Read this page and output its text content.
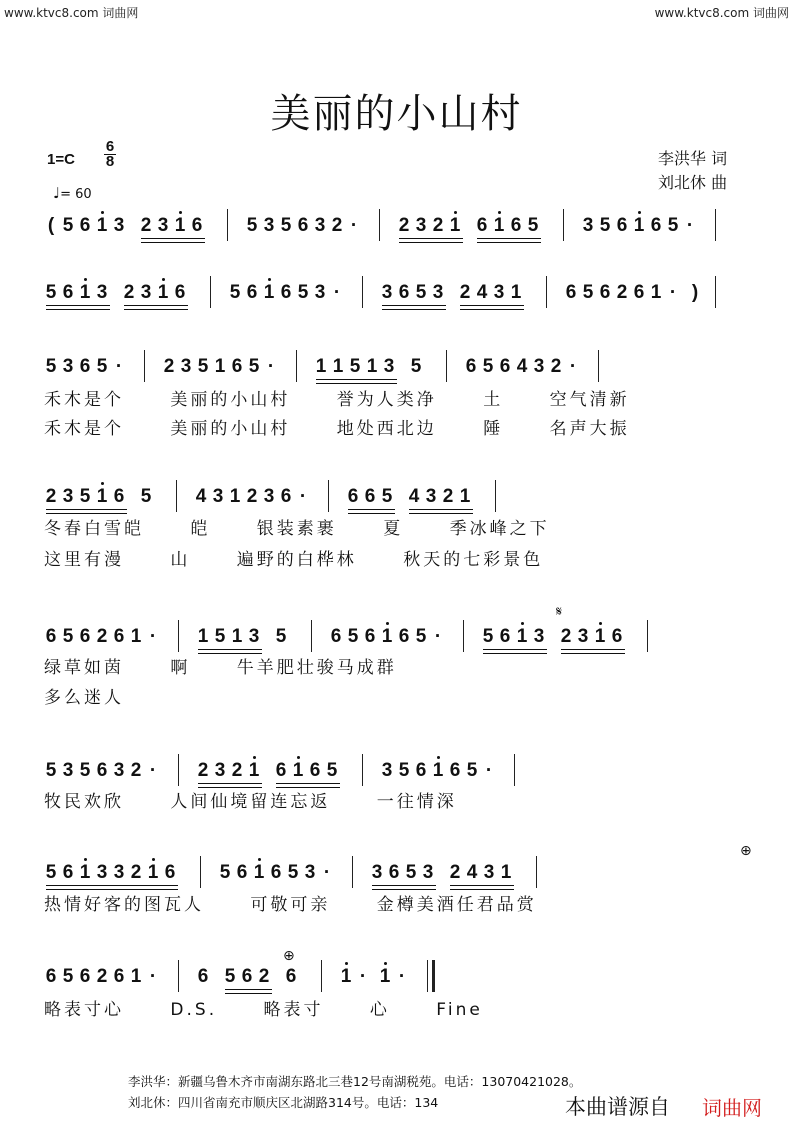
www.ktvc8.com 词曲网	www.ktvc8.com 词曲网
美丽的小山村
1=C
6
8
♩= 60
李洪华 词
刘北休 曲
( 5 6 1 3 2 3 1 6 5 3 5 6 3 2 · 2 3 2 1 6 1 6 5 3 5 6 1 6 5 ·
5 6 1 3 2 3 1 6 5 6 1 6 5 3 · 3 6 5 3 2 4 3 1 6 5 6 2 6 1 · )
5 3 6 5 · 2 3 5 1 6 5 · 1 1 5 1 3 5 6 5 6 4 3 2 ·
禾木是个 美丽的小山村 誉为人类净 土 空气清新
禾木是个 美丽的小山村 地处西北边 陲 名声大振
2 3 5 1 6 5 4 3 1 2 3 6 · 6 6 5 4 3 2 1
冬春白雪皑 皑 银装素裹 夏 季冰峰之下
这里有漫 山 遍野的白桦林 秋天的七彩景色
6 5 6 2 6 1 · 1 5 1 3 5 6 5 6 1 6 5 · 5 6 1 3 2 3 1 6
绿草如茵 啊 牛羊肥壮骏马成群
多么迷人
5 3 5 6 3 2 · 2 3 2 1 6 1 6 5 3 5 6 1 6 5 ·
牧民欢欣 人间仙境留连忘返 一往情深
5 6 1 3 3 2 1 6 5 6 1 6 5 3 · 3 6 5 3 2 4 3 1
热情好客的图瓦人 可敬可亲 金樽美酒任君品赏
6 5 6 2 6 1 · 6 5 6 2 6 1 · 1 ·
略表寸心 D.S. 略表寸 心 Fine
𝄋
⊕
⊕
李洪华：新疆乌鲁木齐市南湖东路北三巷12号南湖税苑。电话：13070421028。
刘北休：四川省南充市顺庆区北湖路314号。电话：134	本曲谱源自 词曲网
